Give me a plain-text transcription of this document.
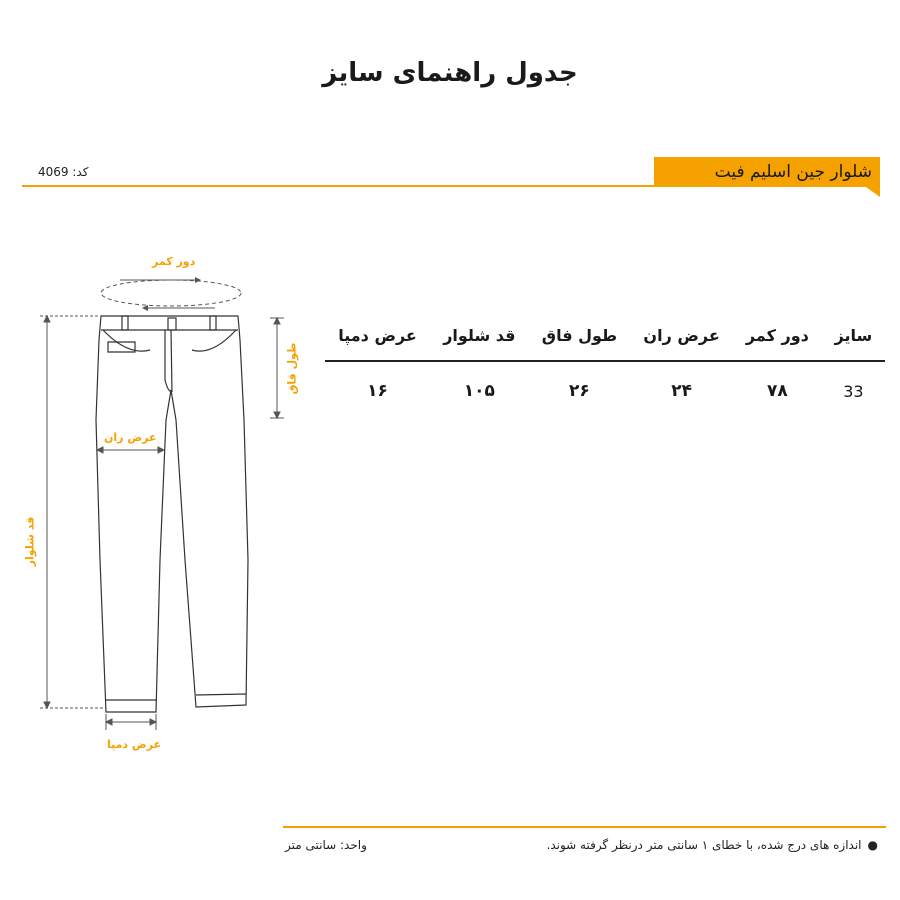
جدول راهنمای سایز
شلوار جین اسلیم فیت
کد: 4069
دور کمر
طول فاق
عرض ران
قد شلوار
عرض دمپا
سایز	دور کمر	عرض ران	طول فاق	قد شلوار	عرض دمپا
33	۷۸	۲۴	۲۶	۱۰۵	۱۶
●اندازه های درج شده، با خطای ۱ سانتی متر درنظر گرفته شوند.
واحد: سانتی متر
